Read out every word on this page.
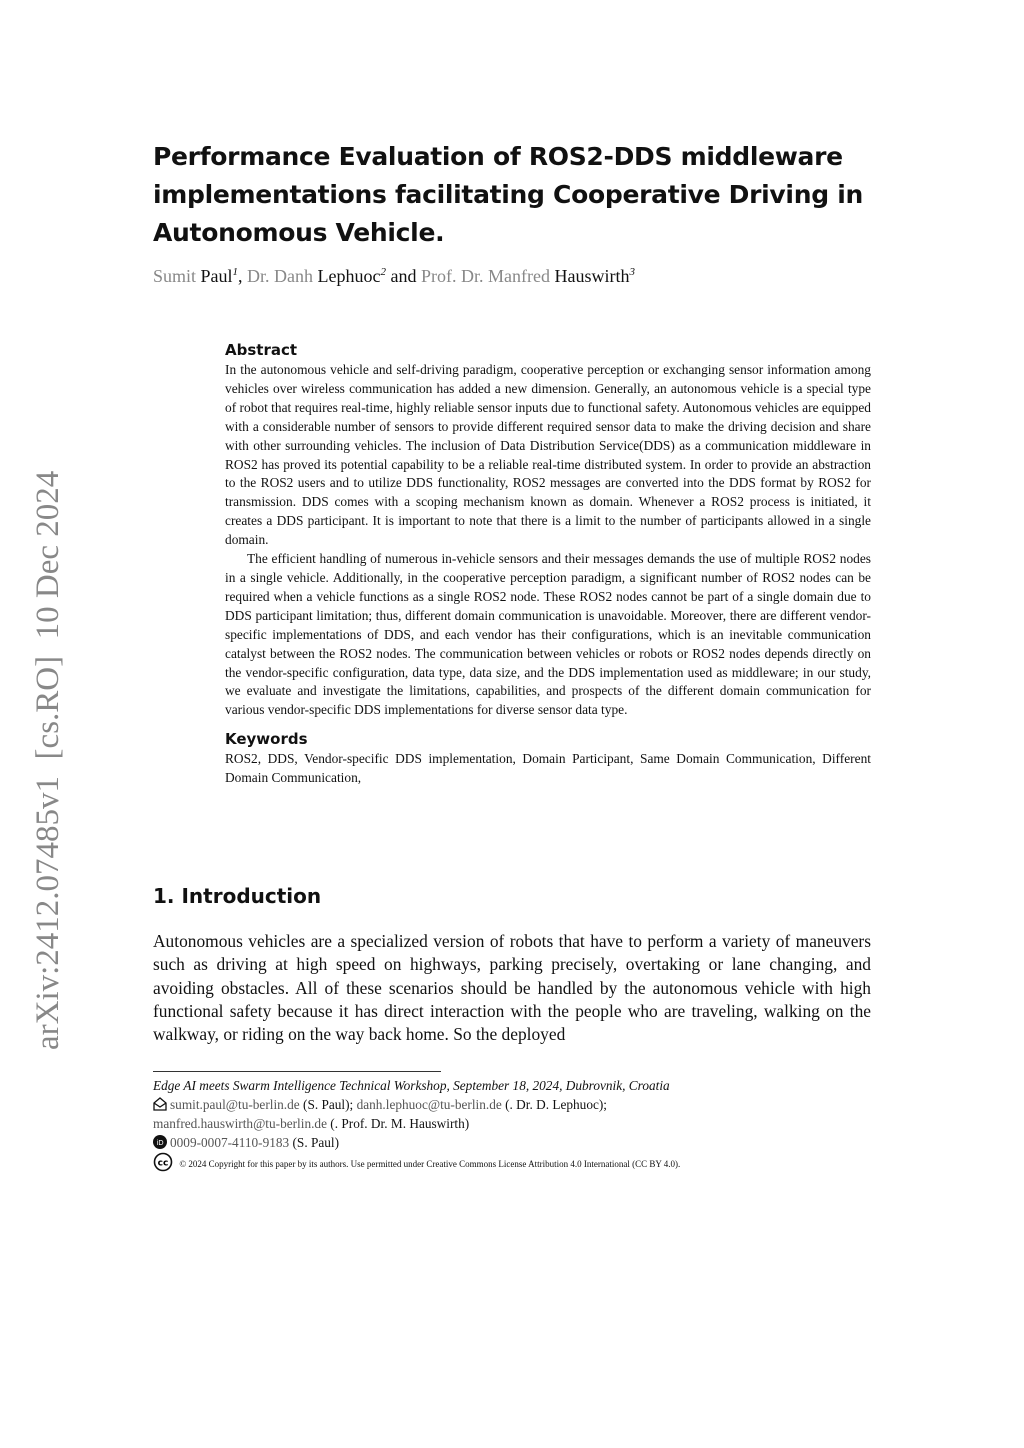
arXiv:2412.07485v1  [cs.RO]  10 Dec 2024
Performance Evaluation of ROS2-DDS middleware implementations facilitating Cooperative Driving in Autonomous Vehicle.
Sumit Paul$^1$, Dr. Danh Lephuoc$^2$ and Prof. Dr. Manfred Hauswirth$^3$
Abstract

In the autonomous vehicle and self-driving paradigm, cooperative perception or exchanging sensor information among vehicles over wireless communication has added a new dimension. Generally, an autonomous vehicle is a special type of robot that requires real-time, highly reliable sensor inputs due to functional safety. Autonomous vehicles are equipped with a considerable number of sensors to provide different required sensor data to make the driving decision and share with other surrounding vehicles. The inclusion of Data Distribution Service(DDS) as a communication middleware in ROS2 has proved its potential capability to be a reliable real-time distributed system. In order to provide an abstraction to the ROS2 users and to utilize DDS functionality, ROS2 messages are converted into the DDS format by ROS2 for transmission. DDS comes with a scoping mechanism known as domain. Whenever a ROS2 process is initiated, it creates a DDS participant. It is important to note that there is a limit to the number of participants allowed in a single domain.

The efficient handling of numerous in-vehicle sensors and their messages demands the use of multiple ROS2 nodes in a single vehicle. Additionally, in the cooperative perception paradigm, a significant number of ROS2 nodes can be required when a vehicle functions as a single ROS2 node. These ROS2 nodes cannot be part of a single domain due to DDS participant limitation; thus, different domain communication is unavoidable. Moreover, there are different vendor-specific implementations of DDS, and each vendor has their configurations, which is an inevitable communication catalyst between the ROS2 nodes. The communication between vehicles or robots or ROS2 nodes depends directly on the vendor-specific configuration, data type, data size, and the DDS implementation used as middleware; in our study, we evaluate and investigate the limitations, capabilities, and prospects of the different domain communication for various vendor-specific DDS implementations for diverse sensor data type.

Keywords

ROS2, DDS, Vendor-specific DDS implementation, Domain Participant, Same Domain Communication, Different Domain Communication,

1. Introduction

Autonomous vehicles are a specialized version of robots that have to perform a variety of maneuvers such as driving at high speed on highways, parking precisely, overtaking or lane changing, and avoiding obstacles. All of these scenarios should be handled by the autonomous vehicle with high functional safety because it has direct interaction with the people who are traveling, walking on the walkway, or riding on the way back home. So the deployed

Edge AI meets Swarm Intelligence Technical Workshop, September 18, 2024, Dubrovnik, Croatia
sumit.paul@tu-berlin.de (S. Paul); danh.lephuoc@tu-berlin.de (. Dr. D. Lephuoc);
manfred.hauswirth@tu-berlin.de (. Prof. Dr. M. Hauswirth)
iD 0009-0007-4110-9183 (S. Paul)
cc © 2024 Copyright for this paper by its authors. Use permitted under Creative Commons License Attribution 4.0 International (CC BY 4.0).
